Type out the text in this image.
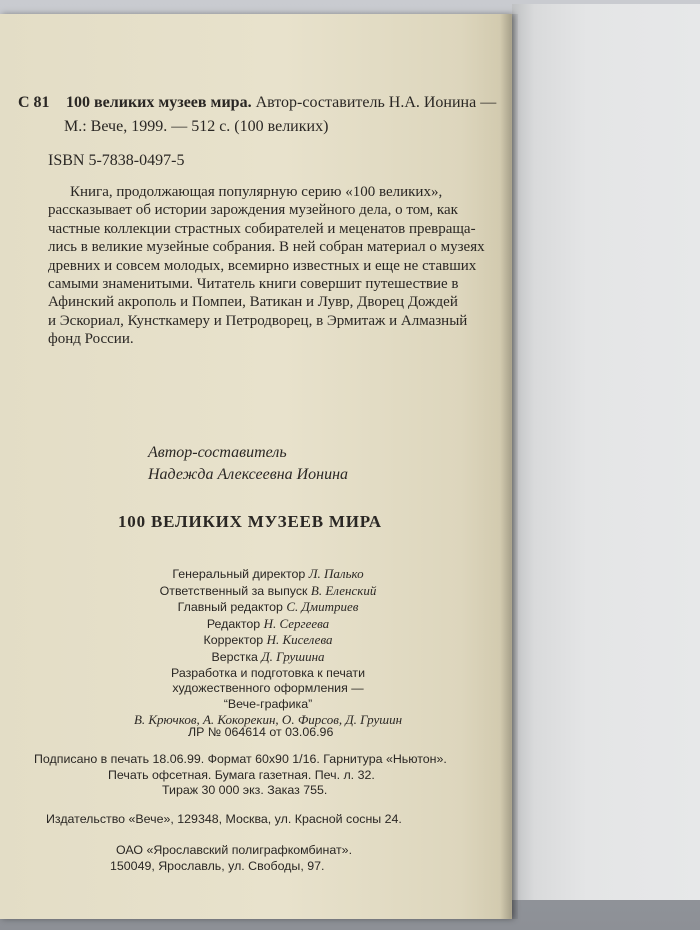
С 81 100 великих музеев мира. Автор-составитель Н.А. Ионина —
М.: Вече, 1999. — 512 с. (100 великих)
ISBN 5-7838-0497-5
Книга, продолжающая популярную серию «100 великих»,
рассказывает об истории зарождения музейного дела, о том, как
частные коллекции страстных собирателей и меценатов превраща-
лись в великие музейные собрания. В ней собран материал о музеях
древних и совсем молодых, всемирно известных и еще не ставших
самыми знаменитыми. Читатель книги совершит путешествие в
Афинский акрополь и Помпеи, Ватикан и Лувр, Дворец Дождей
и Эскориал, Кунсткамеру и Петродворец, в Эрмитаж и Алмазный
фонд России.
Автор-составитель
Надежда Алексеевна Ионина
100 ВЕЛИКИХ МУЗЕЕВ МИРА
Генеральный директор Л. Палько
Ответственный за выпуск В. Еленский
Главный редактор С. Дмитриев
Редактор Н. Сергеева
Корректор Н. Киселева
Верстка Д. Грушина
Разработка и подготовка к печати
художественного оформления —
“Вече-графика”
В. Крючков, А. Кокорекин, О. Фирсов, Д. Грушин
ЛР № 064614 от 03.06.96
Подписано в печать 18.06.99. Формат 60х90 1/16. Гарнитура «Ньютон».
Печать офсетная. Бумага газетная. Печ. л. 32.
Тираж 30 000 экз. Заказ 755.
Издательство «Вече», 129348, Москва, ул. Красной сосны 24.
ОАО «Ярославский полиграфкомбинат».
150049, Ярославль, ул. Свободы, 97.
